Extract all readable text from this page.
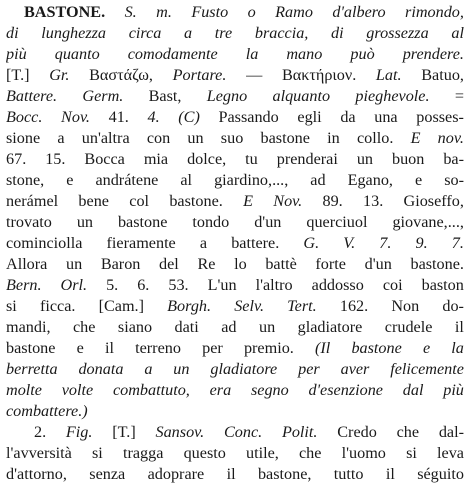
BASTONE. S. m. Fusto o Ramo d'albero rimondo,
di lunghezza circa a tre braccia, di grossezza al
più quanto comodamente la mano può prendere.
[T.] Gr. Βαστάζω, Portare. — Βακτήριον. Lat. Batuo,
Battere. Germ. Bast, Legno alquanto pieghevole. =
Bocc. Nov. 41. 4. (C) Passando egli da una posses-
sione a un'altra con un suo bastone in collo. E nov.
67. 15. Bocca mia dolce, tu prenderai un buon ba-
stone, e andrátene al giardino,..., ad Egano, e so-
nerámel bene col bastone. E Nov. 89. 13. Gioseffo,
trovato un bastone tondo d'un querciuol giovane,...,
cominciolla fieramente a battere. G. V. 7. 9. 7.
Allora un Baron del Re lo battè forte d'un bastone.
Bern. Orl. 5. 6. 53. L'un l'altro addosso coi baston
si ficca. [Cam.] Borgh. Selv. Tert. 162. Non do-
mandi, che siano dati ad un gladiatore crudele il
bastone e il terreno per premio. (Il bastone e la
berretta donata a un gladiatore per aver felicemente
molte volte combattuto, era segno d'esenzione dal più
combattere.)
2. Fig. [T.] Sansov. Conc. Polit. Credo che dal-
l'avversità si tragga questo utile, che l'uomo si leva
d'attorno, senza adoprare il bastone, tutto il séguito
